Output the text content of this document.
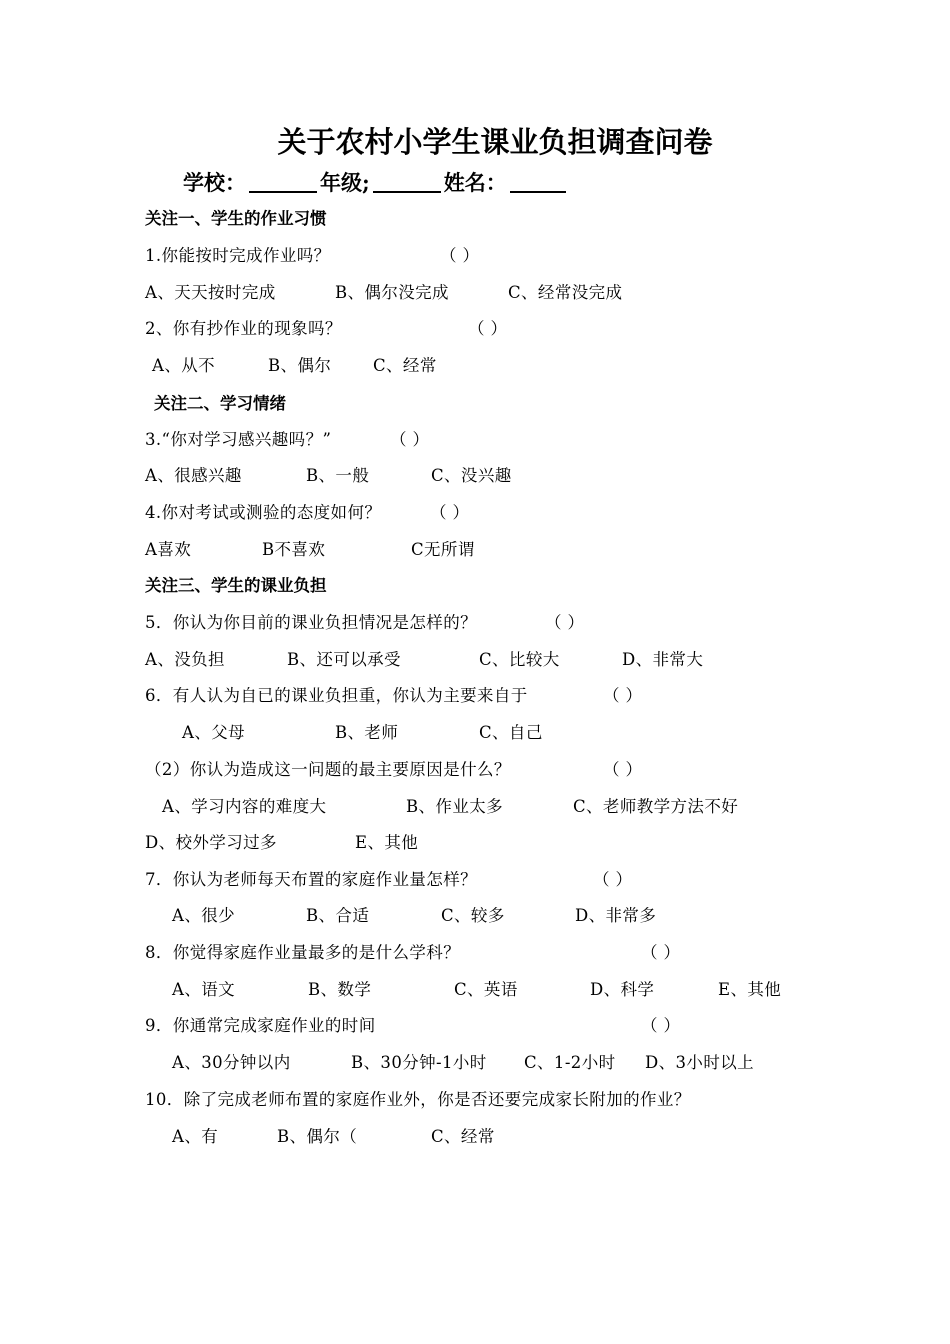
关于农村小学生课业负担调查问卷
学校：	年级;	姓名：
关注一、学生的作业习惯
1.你能按时完成作业吗？	（ ）
A、天天按时完成	B、偶尔没完成	C、经常没完成
2、你有抄作业的现象吗？	（ ）
A、从不	B、偶尔	C、经常
关注二、学习情绪
3.“你对学习感兴趣吗？”	（ ）
A、很感兴趣	B、一般	C、没兴趣
4.你对考试或测验的态度如何？	（ ）
A喜欢	B不喜欢	C无所谓
关注三、学生的课业负担
5．你认为你目前的课业负担情况是怎样的？	（ ）
A、没负担	B、还可以承受	C、比较大	D、非常大
6．有人认为自已的课业负担重，你认为主要来自于	（ ）
A、父母	B、老师	C、自己
（2）你认为造成这一问题的最主要原因是什么？	（ ）
A、学习内容的难度大	B、作业太多	C、老师教学方法不好
D、校外学习过多	E、其他
7．你认为老师每天布置的家庭作业量怎样？	（ ）
A、很少	B、合适	C、较多	D、非常多
8．你觉得家庭作业量最多的是什么学科？	（ ）
A、语文	B、数学	C、英语	D、科学	E、其他
9．你通常完成家庭作业的时间	（ ）
A、30分钟以内	B、30分钟-1小时 C、1-2小时 D、3小时以上
10．除了完成老师布置的家庭作业外，你是否还要完成家长附加的作业？
A、有	B、偶尔（	C、经常
